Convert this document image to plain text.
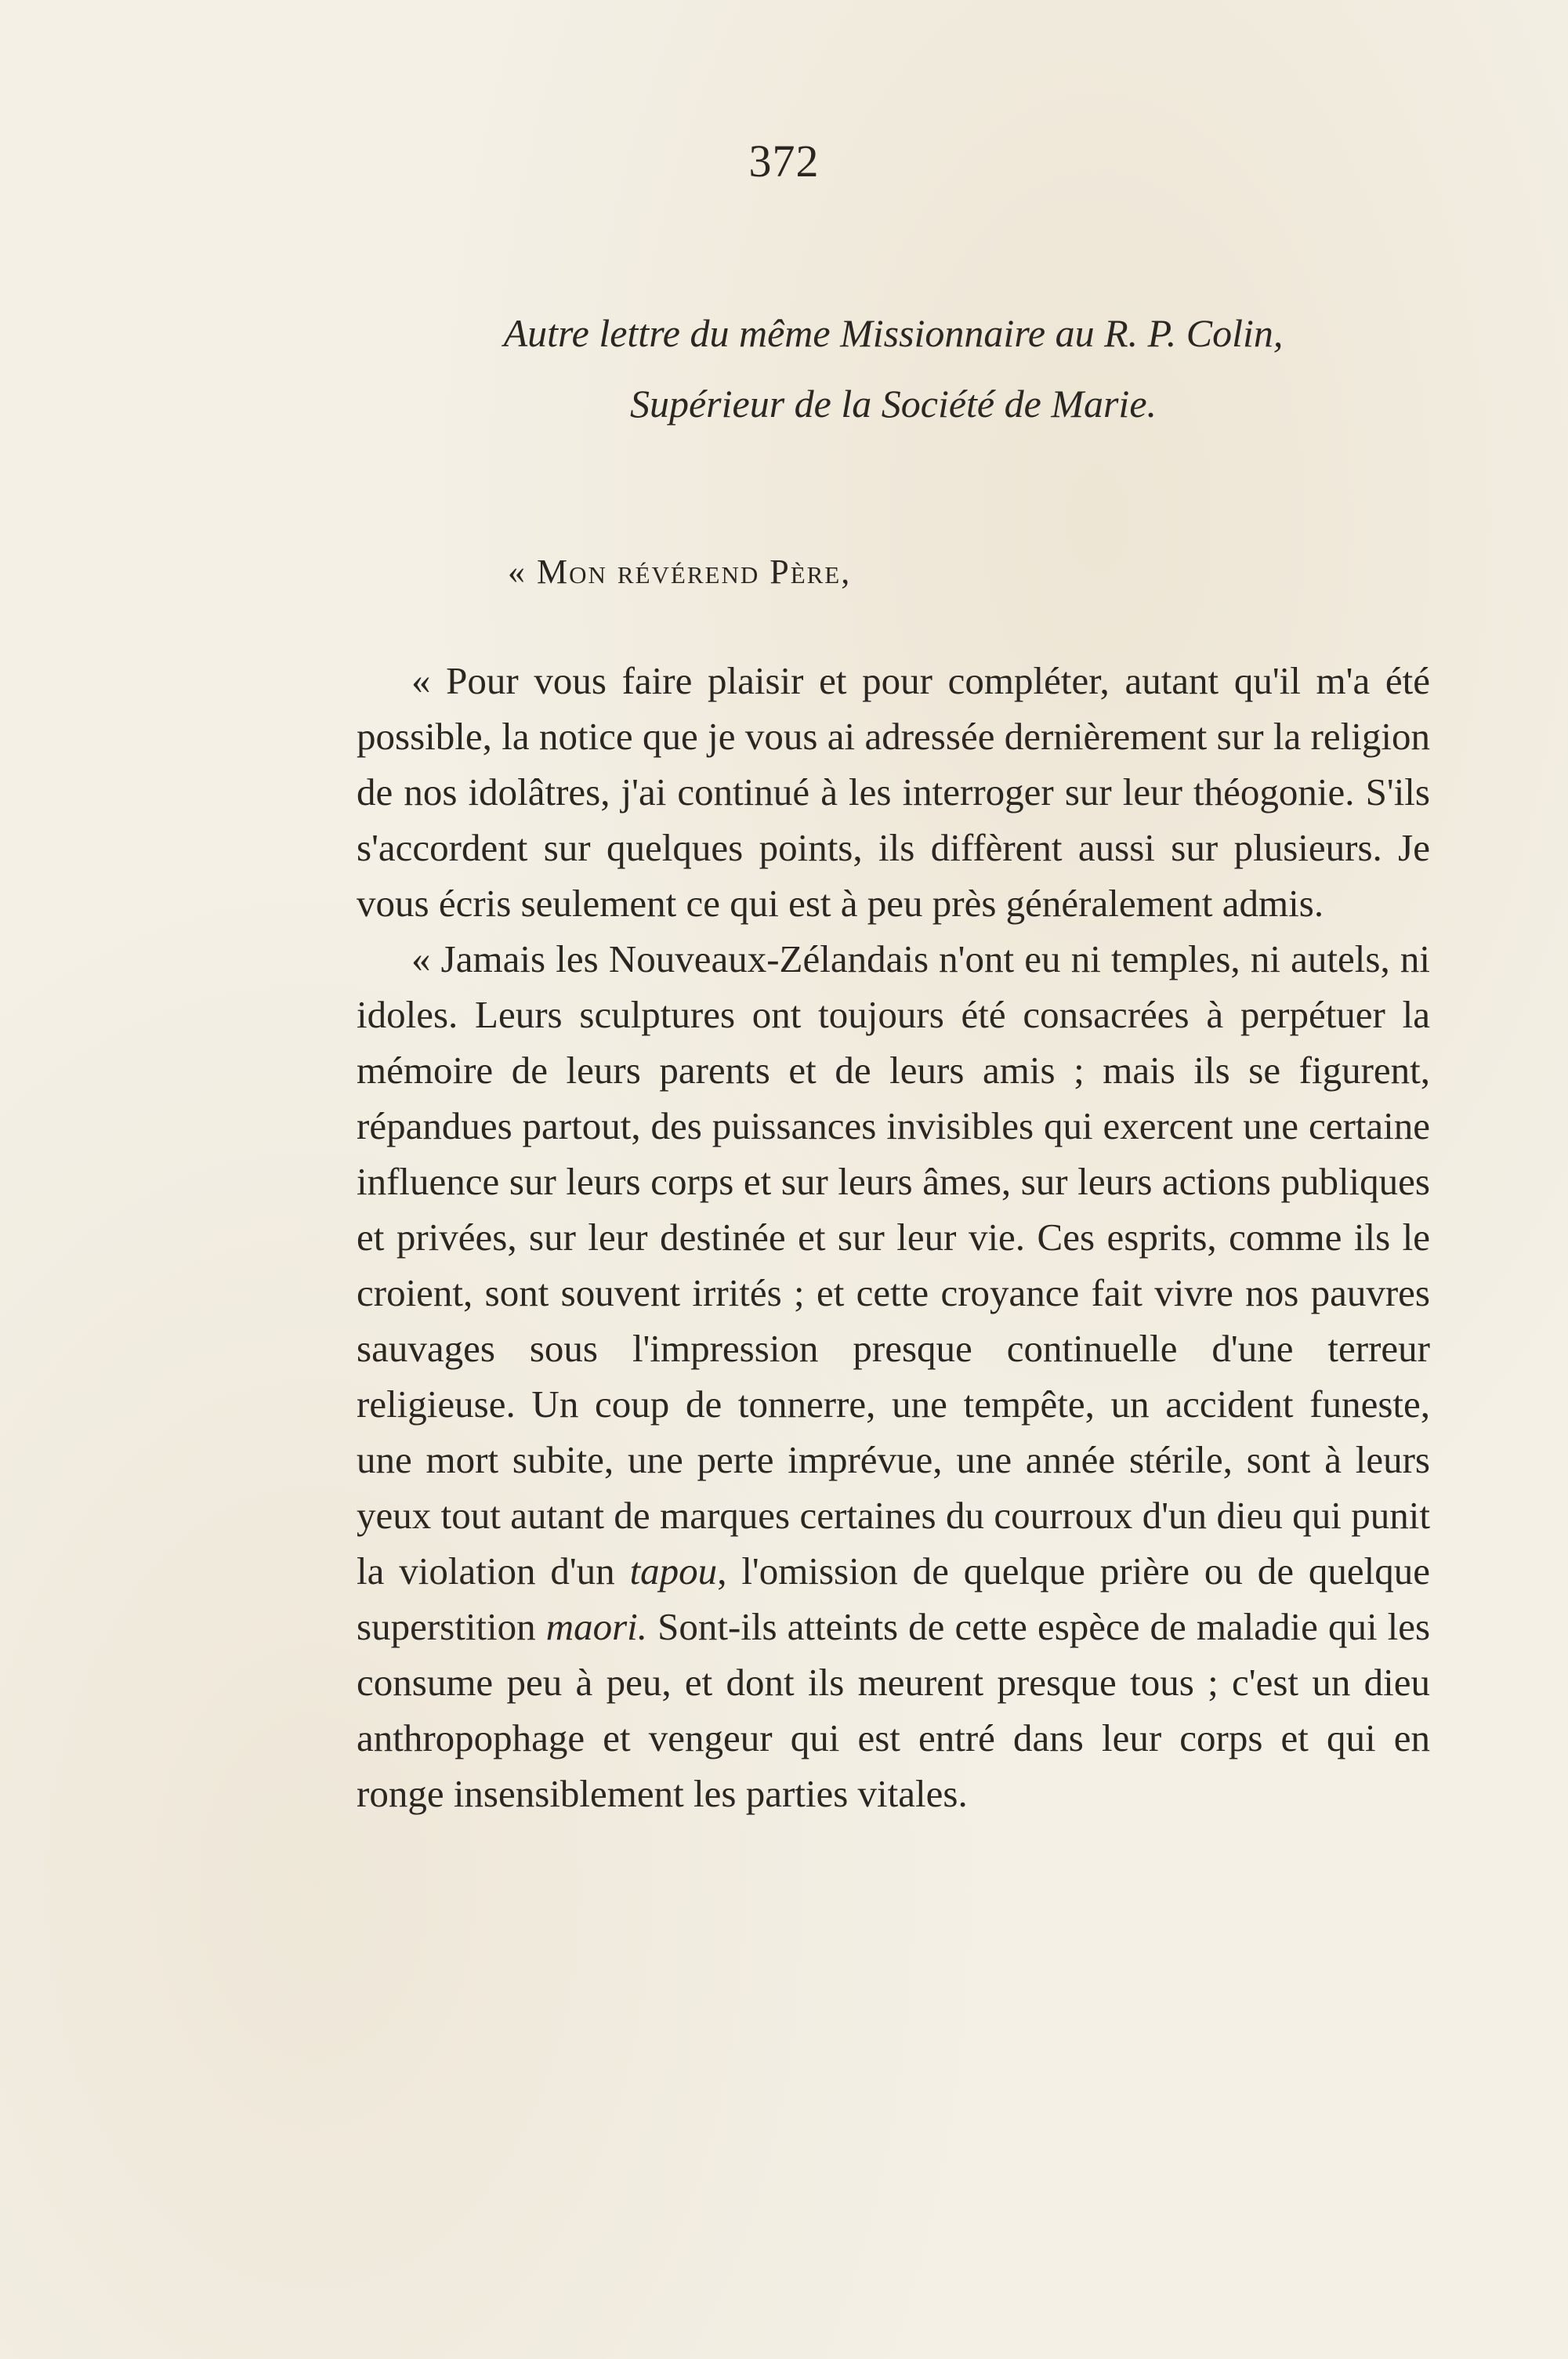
372
Autre lettre du même Missionnaire au R. P. Colin,
Supérieur de la Société de Marie.
« Mon révérend Père,

« Pour vous faire plaisir et pour compléter, autant qu'il m'a été possible, la notice que je vous ai adressée dernièrement sur la religion de nos idolâtres, j'ai continué à les interroger sur leur théogonie. S'ils s'accordent sur quelques points, ils diffèrent aussi sur plusieurs. Je vous écris seulement ce qui est à peu près généralement admis.

« Jamais les Nouveaux-Zélandais n'ont eu ni temples, ni autels, ni idoles. Leurs sculptures ont toujours été consacrées à perpétuer la mémoire de leurs parents et de leurs amis ; mais ils se figurent, répandues partout, des puissances invisibles qui exercent une certaine influence sur leurs corps et sur leurs âmes, sur leurs actions publiques et privées, sur leur destinée et sur leur vie. Ces esprits, comme ils le croient, sont souvent irrités ; et cette croyance fait vivre nos pauvres sauvages sous l'impression presque continuelle d'une terreur religieuse. Un coup de tonnerre, une tempête, un accident funeste, une mort subite, une perte imprévue, une année stérile, sont à leurs yeux tout autant de marques certaines du courroux d'un dieu qui punit la violation d'un tapou, l'omission de quelque prière ou de quelque superstition maori. Sont-ils atteints de cette espèce de maladie qui les consume peu à peu, et dont ils meurent presque tous ; c'est un dieu anthropophage et vengeur qui est entré dans leur corps et qui en ronge insensiblement les parties vitales.
